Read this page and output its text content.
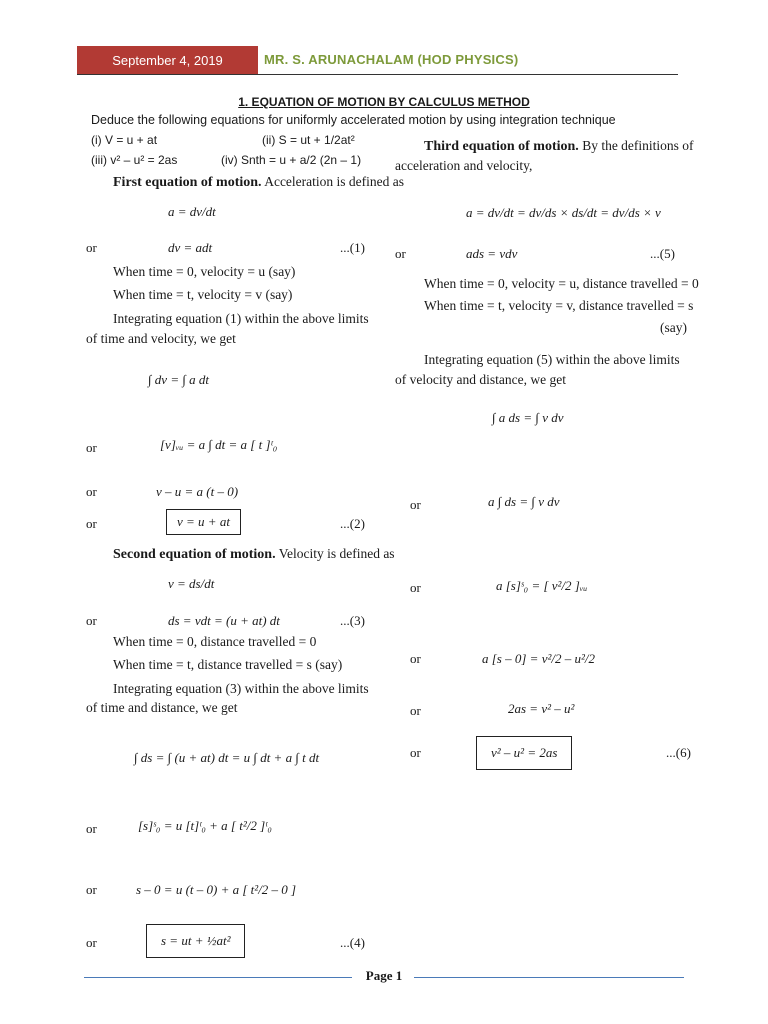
September 4, 2019	MR. S. ARUNACHALAM (HOD PHYSICS)
1. EQUATION OF MOTION BY CALCULUS METHOD
Deduce the following equations for uniformly accelerated motion by using integration technique
(i) V = u + at	(ii) S = ut + 1/2at²
(iii) v² – u² = 2as	(iv) Snth = u + a/2 (2n – 1)
First equation of motion. Acceleration is defined as
a = dv/dt
or	dv = adt	...(1)
When time = 0, velocity = u (say)
When time = t, velocity = v (say)
Integrating equation (1) within the above limits
of time and velocity, we get
∫ dv = ∫ a dt
or	[v]ᵥᵤ = a ∫ dt = a [ t ]ᵗ₀
or	v – u = a (t – 0)
or	v = u + at	...(2)
Second equation of motion. Velocity is defined as
v = ds/dt
or	ds = vdt = (u + at) dt	...(3)
When time = 0, distance travelled = 0
When time = t, distance travelled = s (say)
Integrating equation (3) within the above limits
of time and distance, we get
∫ ds = ∫ (u + at) dt = u ∫ dt + a ∫ t dt
or	[s]ˢ₀ = u [t]ᵗ₀ + a [ t²/2 ]ᵗ₀
or	s – 0 = u (t – 0) + a [ t²/2 – 0 ]
or	s = ut + ½at²	...(4)
Third equation of motion. By the definitions of
acceleration and velocity,
a = dv/dt = dv/ds × ds/dt = dv/ds × v
or	ads = vdv	...(5)
When time = 0, velocity = u, distance travelled = 0
When time = t, velocity = v, distance travelled = s
(say)
Integrating equation (5) within the above limits
of velocity and distance, we get
∫ a ds = ∫ v dv
or	a ∫ ds = ∫ v dv
or	a [s]ˢ₀ = [ v²/2 ]ᵥᵤ
or	a [s – 0] = v²/2 – u²/2
or	2as = v² – u²
or	v² – u² = 2as	...(6)
Page 1
